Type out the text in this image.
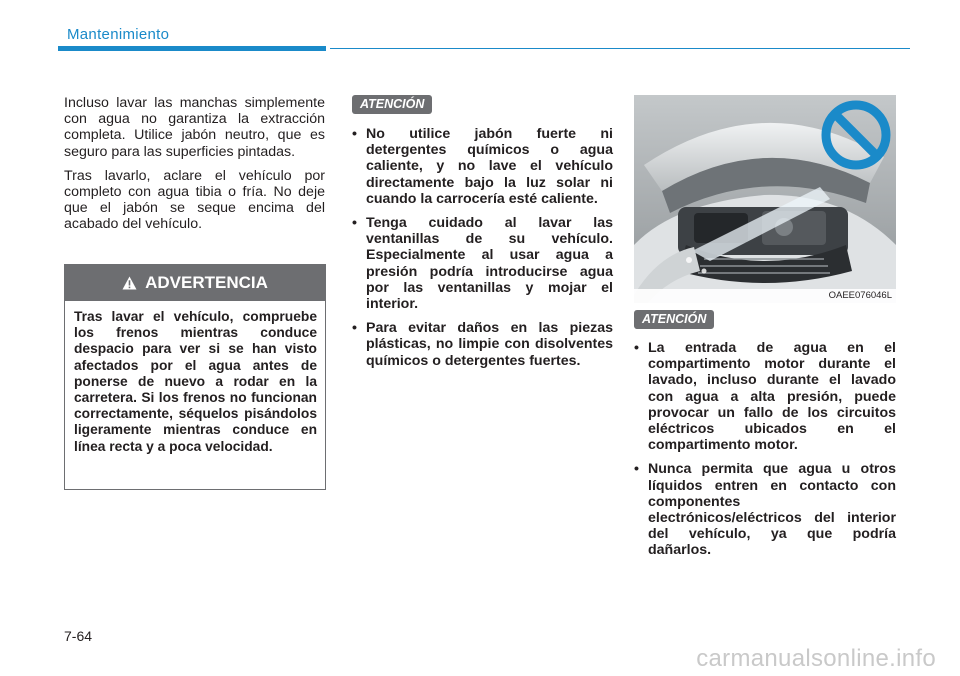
Mantenimiento

Incluso lavar las manchas simplemente con agua no garantiza la extracción completa. Utilice jabón neutro, que es seguro para las superficies pintadas.

Tras lavarlo, aclare el vehículo por completo con agua tibia o fría. No deje que el jabón se seque encima del acabado del vehículo.

ADVERTENCIA
Tras lavar el vehículo, compruebe los frenos mientras conduce despacio para ver si se han visto afectados por el agua antes de ponerse de nuevo a rodar en la carretera. Si los frenos no funcionan correctamente, séquelos pisándolos ligeramente mientras conduce en línea recta y a poca velocidad.
ATENCIÓN
• No utilice jabón fuerte ni detergentes químicos o agua caliente, y no lave el vehículo directamente bajo la luz solar ni cuando la carrocería esté caliente.
• Tenga cuidado al lavar las ventanillas de su vehículo. Especialmente al usar agua a presión podría introducirse agua por las ventanillas y mojar el interior.
• Para evitar daños en las piezas plásticas, no limpie con disolventes químicos o detergentes fuertes.
OAEE076046L
ATENCIÓN
• La entrada de agua en el compartimento motor durante el lavado, incluso durante el lavado con agua a alta presión, puede provocar un fallo de los circuitos eléctricos ubicados en el compartimento motor.
• Nunca permita que agua u otros líquidos entren en contacto con componentes electrónicos/eléctricos del interior del vehículo, ya que podría dañarlos.
7-64
carmanualsonline.info
